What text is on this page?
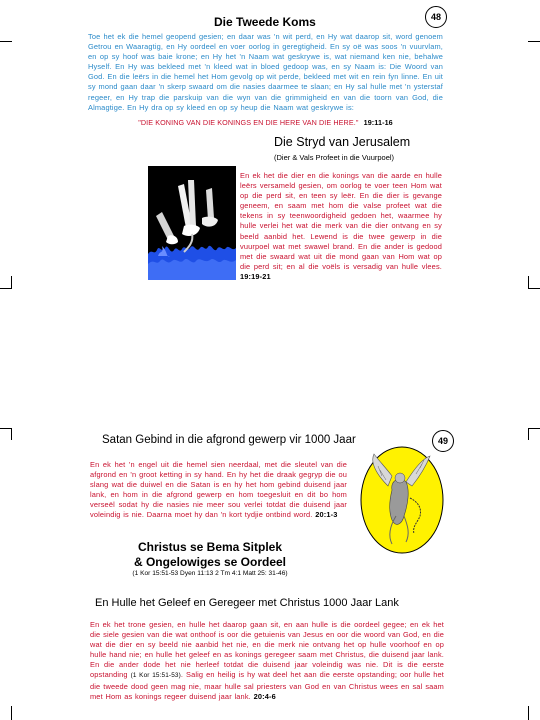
48
Die Tweede Koms
Toe het ek die hemel geopend gesien; en daar was 'n wit perd, en Hy wat daarop sit, word genoem Getrou en Waaragtig, en Hy oordeel en voer oorlog in geregtigheid. En sy oë was soos 'n vuurvlam, en op sy hoof was baie krone; en Hy het 'n Naam wat geskrywe is, wat niemand ken nie, behalwe Hyself. En Hy was bekleed met 'n kleed wat in bloed gedoop was, en sy Naam is: Die Woord van God. En die leërs in die hemel het Hom gevolg op wit perde, bekleed met wit en rein fyn linne. En uit sy mond gaan daar 'n skerp swaard om die nasies daarmee te slaan; en Hy sal hulle met 'n ysterstaf regeer, en Hy trap die parskuip van die wyn van die grimmigheid en van die toorn van God, die Almagtige. En Hy dra op sy kleed en op sy heup die Naam wat geskrywe is:
"DIE KONING VAN DIE KONINGS EN DIE HERE VAN DIE HERE." 19:11-16
Die Stryd van Jerusalem
(Dier & Vals Profeet in die Vuurpoel)
En ek het die dier en die konings van die aarde en hulle leërs versameld gesien, om oorlog te voer teen Hom wat op die perd sit, en teen sy leër. En die dier is gevange geneem, en saam met hom die valse profeet wat die tekens in sy teenwoordigheid gedoen het, waarmee hy hulle verlei het wat die merk van die dier ontvang en sy beeld aanbid het. Lewend is die twee gewerp in die vuurpoel wat met swawel brand. En die ander is gedood met die swaard wat uit die mond gaan van Hom wat op die perd sit; en al die voëls is versadig van hulle vlees. 19:19-21
49
Satan Gebind in die afgrond gewerp vir 1000 Jaar
En ek het 'n engel uit die hemel sien neerdaal, met die sleutel van die afgrond en 'n groot ketting in sy hand. En hy het die draak gegryp die ou slang wat die duiwel en die Satan is en hy het hom gebind duisend jaar lank, en hom in die afgrond gewerp en hom toegesluit en dit bo hom verseël sodat hy die nasies nie meer sou verlei totdat die duisend jaar voleindig is nie. Daarna moet hy dan 'n kort tydjie ontbind word. 20:1-3
Christus se Bema Sitplek
& Ongelowiges se Oordeel
(1 Kor 15:51-53 Dyen 11:13 2 Tm 4:1 Matt 25: 31-46)
En Hulle het Geleef en Geregeer met Christus 1000 Jaar Lank
En ek het trone gesien, en hulle het daarop gaan sit, en aan hulle is die oordeel gegee; en ek het die siele gesien van die wat onthoof is oor die getuienis van Jesus en oor die woord van God, en die wat die dier en sy beeld nie aanbid het nie, en die merk nie ontvang het op hulle voorhoof en op hulle hand nie; en hulle het geleef en as konings geregeer saam met Christus, die duisend jaar lank. En die ander dode het nie herleef totdat die duisend jaar voleindig was nie. Dit is die eerste opstanding (1 Kor 15:51-53). Salig en heilig is hy wat deel het aan die eerste opstanding; oor hulle het die tweede dood geen mag nie, maar hulle sal priesters van God en van Christus wees en sal saam met Hom as konings regeer duisend jaar lank. 20:4-6
